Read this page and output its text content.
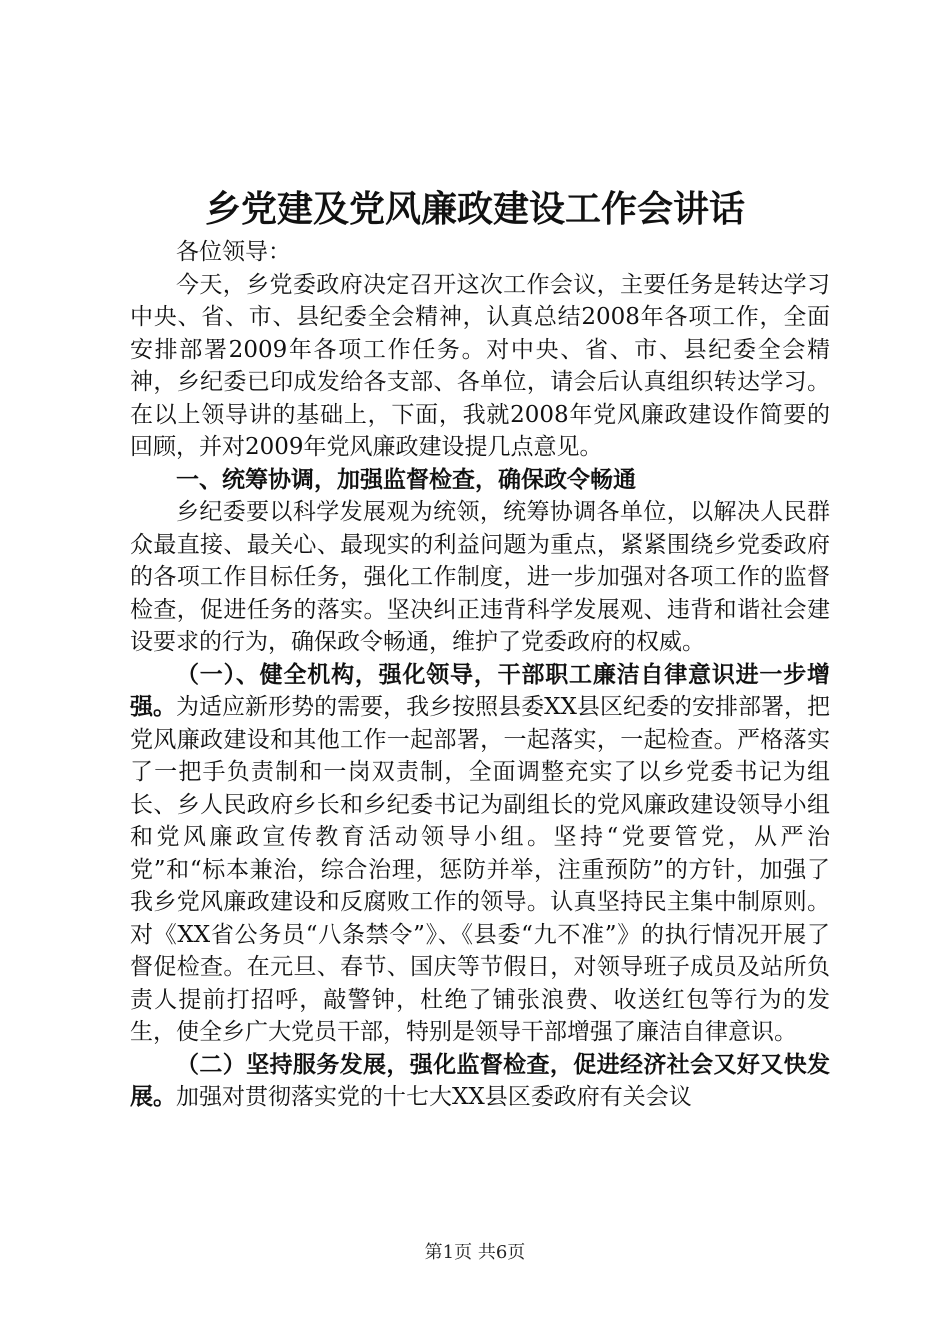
乡党建及党风廉政建设工作会讲话

各位领导：

今天，乡党委政府决定召开这次工作会议，主要任务是转达学习中央、省、市、县纪委全会精神，认真总结2008年各项工作，全面安排部署2009年各项工作任务。对中央、省、市、县纪委全会精神，乡纪委已印成发给各支部、各单位，请会后认真组织转达学习。在以上领导讲的基础上，下面，我就2008年党风廉政建设作简要的回顾，并对2009年党风廉政建设提几点意见。

一、统筹协调，加强监督检查，确保政令畅通

乡纪委要以科学发展观为统领，统筹协调各单位，以解决人民群众最直接、最关心、最现实的利益问题为重点，紧紧围绕乡党委政府的各项工作目标任务，强化工作制度，进一步加强对各项工作的监督检查，促进任务的落实。坚决纠正违背科学发展观、违背和谐社会建设要求的行为，确保政令畅通，维护了党委政府的权威。

（一）、健全机构，强化领导，干部职工廉洁自律意识进一步增强。为适应新形势的需要，我乡按照县委XX县区纪委的安排部署，把党风廉政建设和其他工作一起部署，一起落实，一起检查。严格落实了一把手负责制和一岗双责制，全面调整充实了以乡党委书记为组长、乡人民政府乡长和乡纪委书记为副组长的党风廉政建设领导小组和党风廉政宣传教育活动领导小组。坚持“党要管党，从严治党”和“标本兼治，综合治理，惩防并举，注重预防”的方针，加强了我乡党风廉政建设和反腐败工作的领导。认真坚持民主集中制原则。对《XX省公务员“八条禁令”》、《县委“九不准”》的执行情况开展了督促检查。在元旦、春节、国庆等节假日，对领导班子成员及站所负责人提前打招呼，敲警钟，杜绝了铺张浪费、收送红包等行为的发生，使全乡广大党员干部，特别是领导干部增强了廉洁自律意识。

（二）坚持服务发展，强化监督检查，促进经济社会又好又快发展。加强对贯彻落实党的十七大XX县区委政府有关会议

第1页 共6页
